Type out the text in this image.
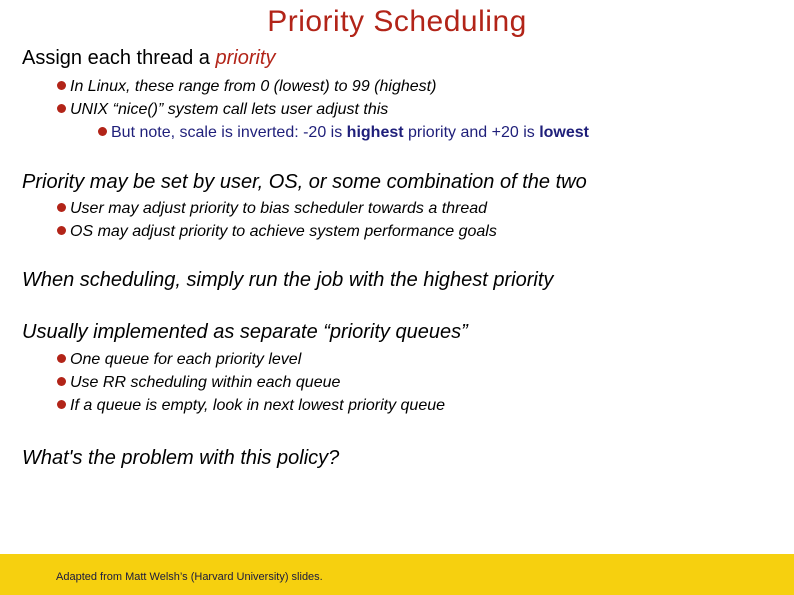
Priority Scheduling
Assign each thread a priority
In Linux, these range from 0 (lowest) to 99 (highest)
UNIX “nice()” system call lets user adjust this
But note, scale is inverted: -20 is highest priority and +20 is lowest
Priority may be set by user, OS, or some combination of the two
User may adjust priority to bias scheduler towards a thread
OS may adjust priority to achieve system performance goals
When scheduling, simply run the job with the highest priority
Usually implemented as separate “priority queues”
One queue for each priority level
Use RR scheduling within each queue
If a queue is empty, look in next lowest priority queue
What's the problem with this policy?
Adapted from Matt Welsh’s (Harvard University) slides.
